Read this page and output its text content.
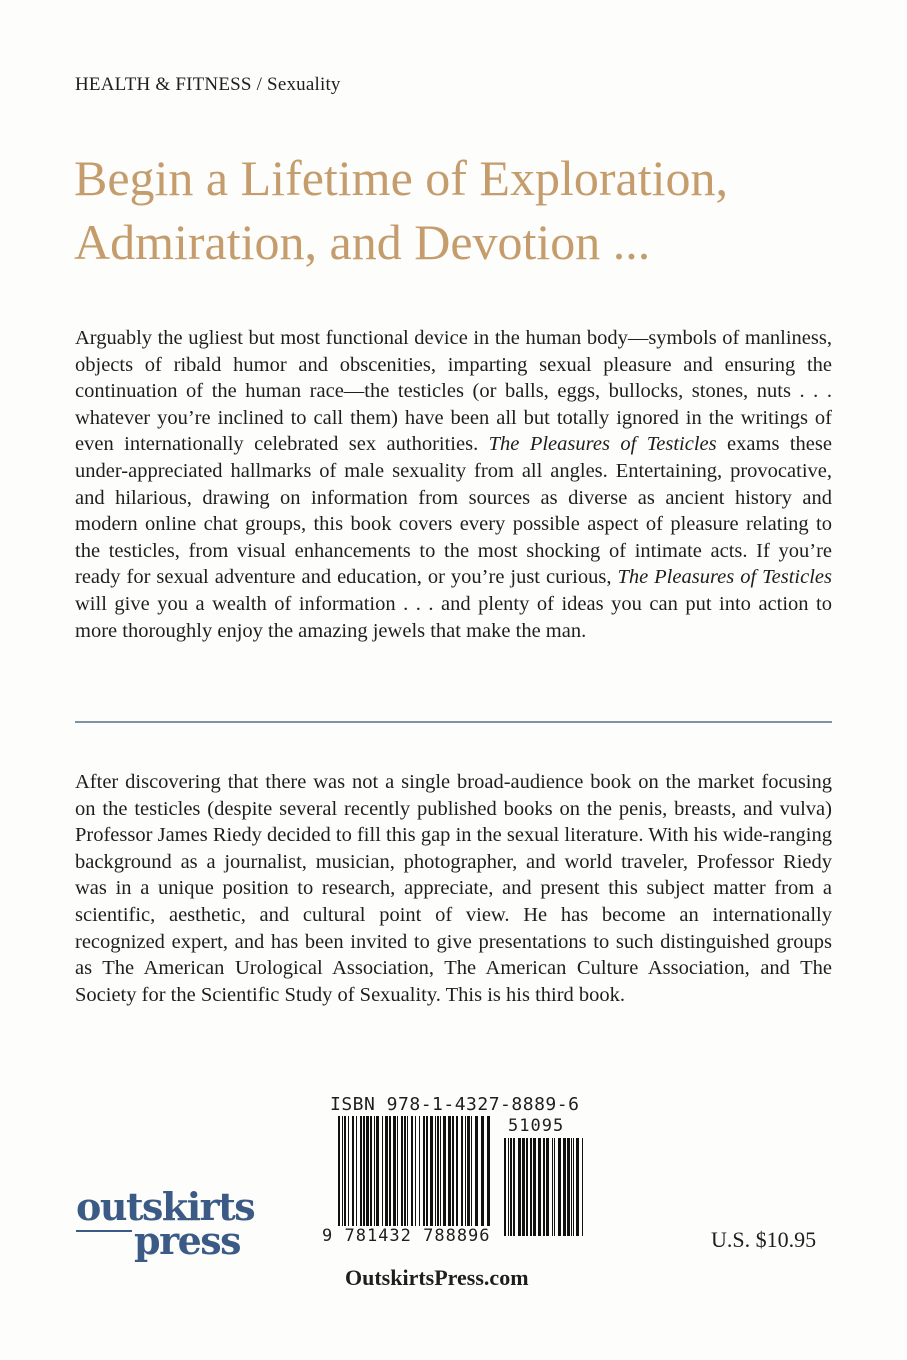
HEALTH & FITNESS / Sexuality
Begin a Lifetime of Exploration,
Admiration, and Devotion ...

Arguably the ugliest but most functional device in the human body—symbols of manliness, objects of ribald humor and obscenities, imparting sexual pleasure and ensuring the continuation of the human race—the testicles (or balls, eggs, bullocks, stones, nuts . . . whatever you’re inclined to call them) have been all but totally ignored in the writings of even internationally celebrated sex authorities. The Pleasures of Testicles exams these under-appreciated hallmarks of male sexuality from all angles. Entertaining, provocative, and hilarious, drawing on information from sources as diverse as ancient history and modern online chat groups, this book covers every possible aspect of pleasure relating to the testicles, from visual enhancements to the most shocking of intimate acts. If you’re ready for sexual adventure and education, or you’re just curious, The Pleasures of Testicles will give you a wealth of information . . . and plenty of ideas you can put into action to more thoroughly enjoy the amazing jewels that make the man.

After discovering that there was not a single broad-audience book on the market focusing on the testicles (despite several recently published books on the penis, breasts, and vulva) Professor James Riedy decided to fill this gap in the sexual literature. With his wide-ranging background as a journalist, musician, photographer, and world traveler, Professor Riedy was in a unique position to research, appreciate, and present this subject matter from a scientific, aesthetic, and cultural point of view. He has become an internationally recognized expert, and has been invited to give presentations to such distinguished groups as The American Urological Association, The American Culture Association, and The Society for the Scientific Study of Sexuality. This is his third book.

ISBN 978-1-4327-8889-6
51095
9 781432 788896
outskirts
press	U.S. $10.95
OutskirtsPress.com
